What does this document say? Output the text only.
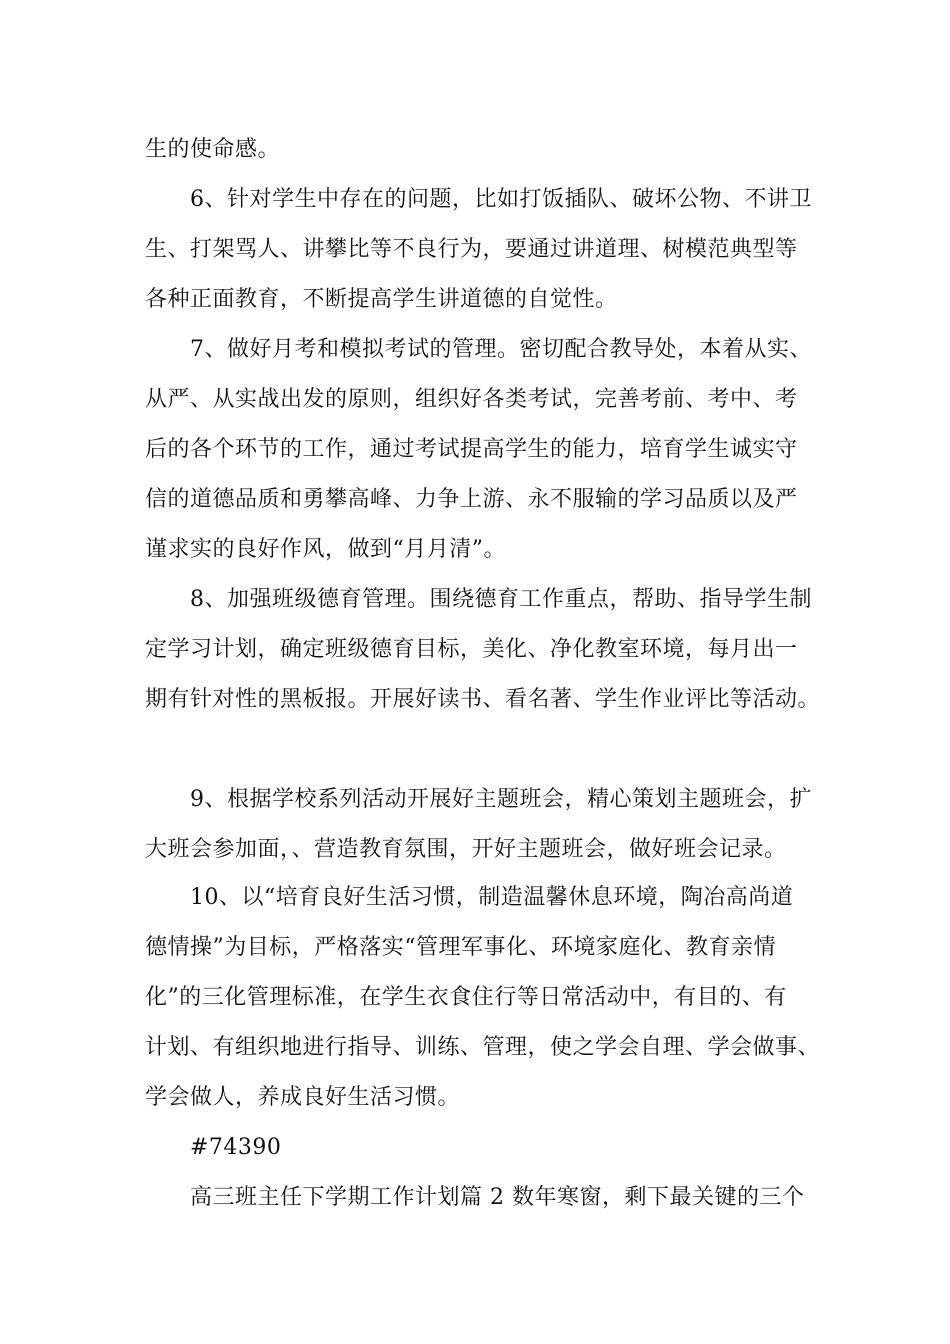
生的使命感。
6、针对学生中存在的问题，比如打饭插队、破坏公物、不讲卫
生、打架骂人、讲攀比等不良行为，要通过讲道理、树模范典型等
各种正面教育，不断提高学生讲道德的自觉性。
7、做好月考和模拟考试的管理。密切配合教导处，本着从实、
从严、从实战出发的原则，组织好各类考试，完善考前、考中、考
后的各个环节的工作，通过考试提高学生的能力，培育学生诚实守
信的道德品质和勇攀高峰、力争上游、永不服输的学习品质以及严
谨求实的良好作风，做到“月月清”。
8、加强班级德育管理。围绕德育工作重点，帮助、指导学生制
定学习计划，确定班级德育目标，美化、净化教室环境，每月出一
期有针对性的黑板报。开展好读书、看名著、学生作业评比等活动。
9、根据学校系列活动开展好主题班会，精心策划主题班会，扩
大班会参加面，、营造教育氛围，开好主题班会，做好班会记录。
10、以“培育良好生活习惯，制造温馨休息环境，陶冶高尚道
德情操”为目标，严格落实“管理军事化、环境家庭化、教育亲情
化”的三化管理标准，在学生衣食住行等日常活动中，有目的、有
计划、有组织地进行指导、训练、管理，使之学会自理、学会做事、
学会做人，养成良好生活习惯。
#74390
高三班主任下学期工作计划篇 2 数年寒窗，剩下最关键的三个
